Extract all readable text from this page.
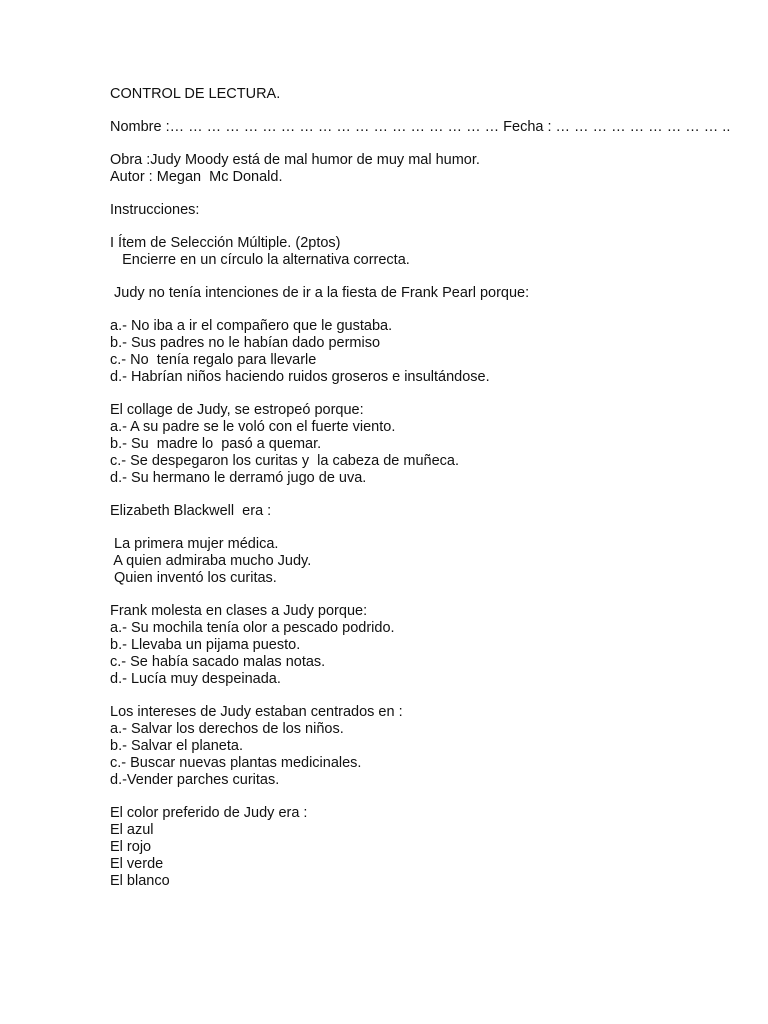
CONTROL DE LECTURA.
Nombre :… … … … … … … … … … … … … … … … … … Fecha : … … … … … … … … … ..
Obra :Judy Moody está de mal humor de muy mal humor.
Autor : Megan  Mc Donald.
Instrucciones:
I Ítem de Selección Múltiple. (2ptos)
Encierre en un círculo la alternativa correcta.
Judy no tenía intenciones de ir a la fiesta de Frank Pearl porque:
a.- No iba a ir el compañero que le gustaba.
b.- Sus padres no le habían dado permiso
c.- No  tenía regalo para llevarle
d.- Habrían niños haciendo ruidos groseros e insultándose.
El collage de Judy, se estropeó porque:
a.- A su padre se le voló con el fuerte viento.
b.- Su  madre lo  pasó a quemar.
c.- Se despegaron los curitas y  la cabeza de muñeca.
d.- Su hermano le derramó jugo de uva.
Elizabeth Blackwell  era :
La primera mujer médica.
A quien admiraba mucho Judy.
Quien inventó los curitas.
Frank molesta en clases a Judy porque:
a.- Su mochila tenía olor a pescado podrido.
b.- Llevaba un pijama puesto.
c.- Se había sacado malas notas.
d.- Lucía muy despeinada.
Los intereses de Judy estaban centrados en :
a.- Salvar los derechos de los niños.
b.- Salvar el planeta.
c.- Buscar nuevas plantas medicinales.
d.-Vender parches curitas.
El color preferido de Judy era :
El azul
El rojo
El verde
El blanco
